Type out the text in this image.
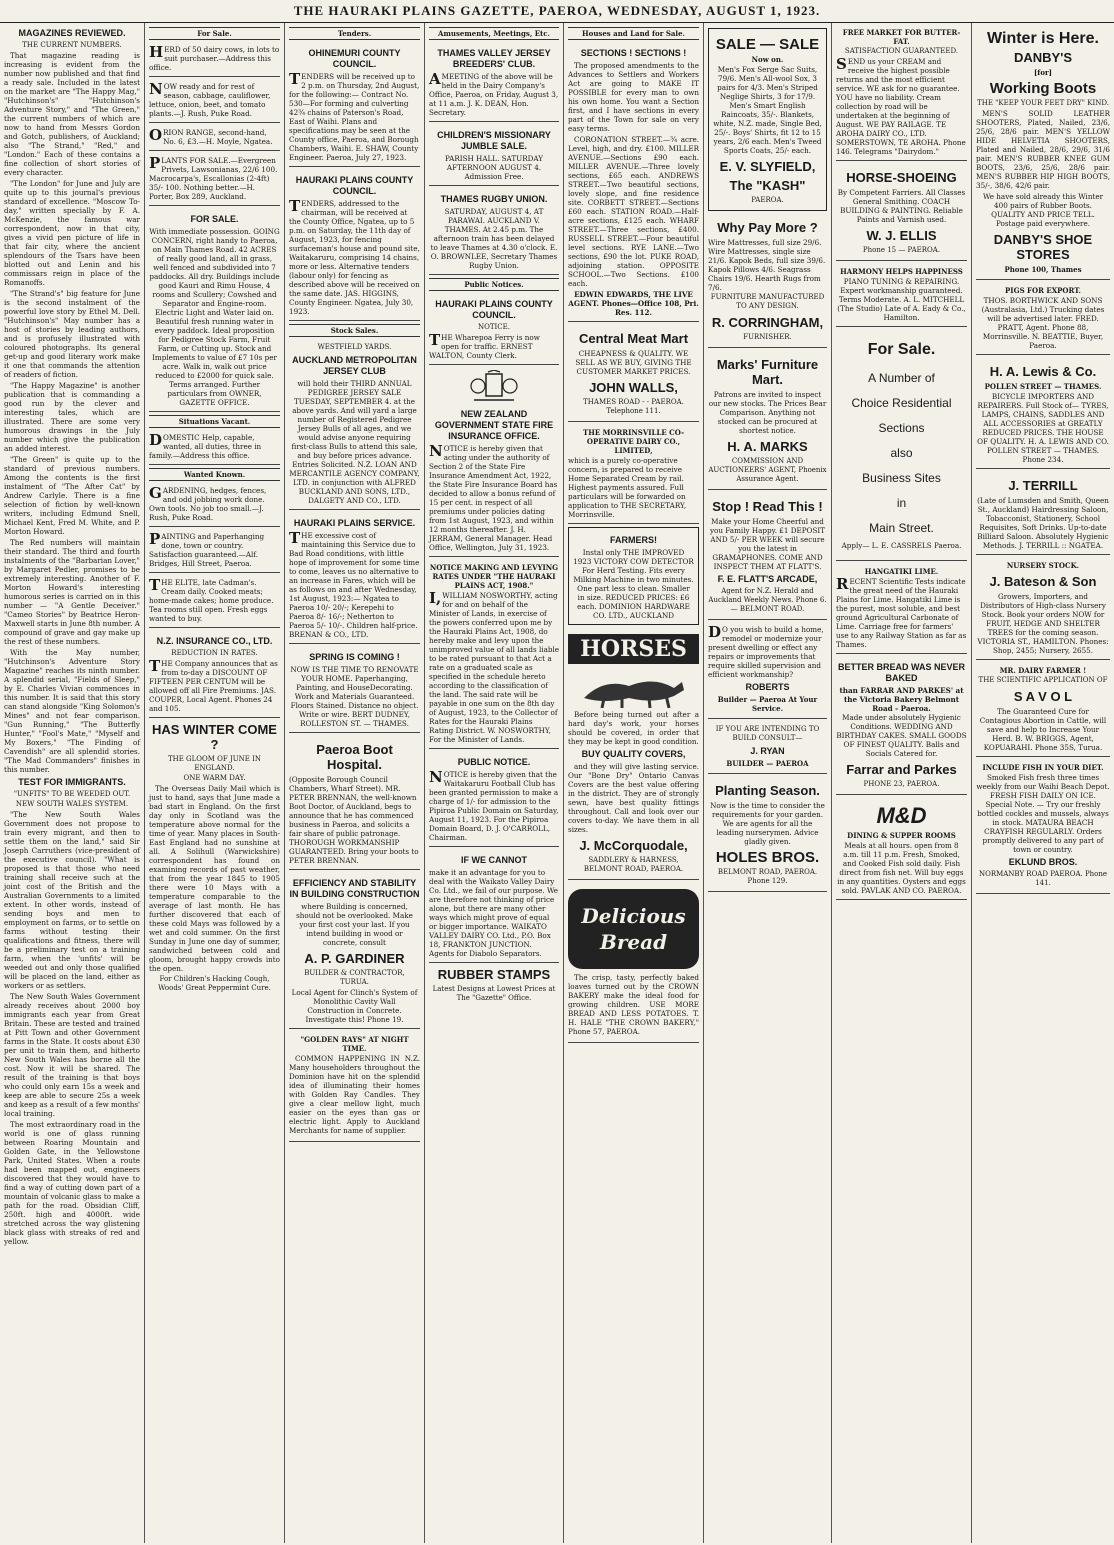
THE HAURAKI PLAINS GAZETTE, PAEROA, WEDNESDAY, AUGUST 1, 1923.
MAGAZINES REVIEWED.
THE CURRENT NUMBERS.

That magazine reading is increasing is evident from the number now published and that find a ready sale. Included in the latest on the market are "The Happy Mag," "Hutchinson's" "Hutchinson's Adventure Story," and "The Green," the current numbers of which are now to hand from Messrs Gordon and Gotch, publishers, of Auckland; also "The Strand," "Red," and "London." Each of these contains a fine collection of short stories of every character.

"The London" for June and July are quite up to this journal's previous standard of excellence. "Moscow To-day," written specially by F. A. McKenzie, the famous war correspondent, now in that city, gives a vivid pen picture of life in that fair city, where the ancient splendours of the Tsars have been blotted out and Lenin and his commissars reign in place of the Romanoffs.

"The Strand's" big feature for June is the second instalment of the powerful love story by Ethel M. Dell. "Hutchinson's" May number has a host of stories by leading authors, and is profusely illustrated with coloured photographs. Its general get-up and good literary work make it one that commands the attention of readers of fiction.

"The Happy Magazine" is another publication that is commanding a good run by the clever and interesting tales, which are illustrated. There are some very humorous drawings in the July number which give the publication an added interest.

"The Green" is quite up to the standard of previous numbers. Among the contents is the first instalment of "The After Cat" by Andrew Carlyle. There is a fine selection of fiction by well-known writers, including Edmund Snell, Michael Kent, Fred M. White, and P. Morton Howard.

The Red numbers will maintain their standard. The third and fourth instalments of the "Barbarian Lover," by Margaret Pedler, promises to be extremely interesting. Another of F. Morton Howard's interesting humorous series is carried on in this number — "A Gentle Deceiver." "Cameo Stories" by Beatrice Heron-Maxwell starts in June 8th number. A compound of grave and gay make up the rest of these numbers.

With the May number, "Hutchinson's Adventure Story Magazine" reaches its ninth number. A splendid serial, "Fields of Sleep," by E. Charles Vivian commences in this number. It is said that this story can stand alongside "King Solomon's Mines" and not fear comparison. "Gun Running," "The Butterfly Hunter," "Fool's Mate," "Myself and My Boxers," "The Finding of Cavendish" are all splendid stories. "The Mad Commanders" finishes in this number.

TEST FOR IMMIGRANTS.
"UNFITS" TO BE WEEDED OUT.
NEW SOUTH WALES SYSTEM.

"The New South Wales Government does not propose to train every migrant, and then to settle them on the land," said Sir Joseph Carruthers (vice-president of the executive council). "What is proposed is that those who need training shall receive such at the joint cost of the British and the Australian Governments to a limited extent. In other words, instead of sending boys and men to employment on farms, or to settle on farms without testing their qualifications and fitness, there will be a preliminary test on a training farm, when the 'unfits' will be weeded out and only those qualified will be placed on the land, either as workers or as settlers.

The New South Wales Government already receives about 2000 boy immigrants each year from Great Britain. These are tested and trained at Pitt Town and other Government farms in the State. It costs about £30 per unit to train them, and hitherto New South Wales has borne all the cost. Now it will be shared. The result of the training is that boys who could only earn 15s a week and keep are able to secure 25s a week and keep as a result of a few months' local training.

The most extraordinary road in the world is one of glass running between Roaring Mountain and Golden Gate, in the Yellowstone Park, United States. When a route had been mapped out, engineers discovered that they would have to find a way of cutting down part of a mountain of volcanic glass to make a path for the road. Obsidian Cliff, 250ft. high and 4000ft. wide stretched across the way glistening black glass with streaks of red and yellow.

For Sale.
HERD of 50 dairy cows, in lots to suit purchaser.—Address this office.
NOW ready and for rest of season, cabbage, cauliflower, lettuce, onion, beet, and tomato plants.—J. Rush, Puke Road.
ORION RANGE, second-hand, No. 6, £3.—H. Moyle, Ngatea.
PLANTS FOR SALE.—Evergreen Privets, Lawsonianas, 22/6 100. Macrocarpa's, Escallonias (2-4ft) 35/- 100. Nothing better.—H. Porter, Box 289, Auckland.
FOR SALE.
With immediate possession. GOING CONCERN, right handy to Paeroa, on Main Thames Road. 42 ACRES of really good land, all in grass, well fenced and subdivided into 7 paddocks. All dry. Buildings include good Kauri and Rimu House, 4 rooms and Scullery; Cowshed and Separator and Engine-room. Electric Light and Water laid on. Beautiful fresh running water in every paddock. Ideal proposition for Pedigree Stock Farm, Fruit Farm, or Cutting up. Stock and Implements to value of £7 10s per acre. Walk in, walk out price reduced to £2000 for quick sale. Terms arranged. Further particulars from OWNER, GAZETTE OFFICE.
Situations Vacant.
DOMESTIC Help, capable, wanted, all duties, three in family.—Address this office.
Wanted Known.
GARDENING, hedges, fences, and odd jobbing work done. Own tools. No job too small.—J. Rush, Puke Road.
PAINTING and Paperhanging done, town or country. Satisfaction guaranteed.—Alf. Bridges, Hill Street, Paeroa.
THE ELITE, late Cadman's. Cream daily. Cooked meats; home-made cakes; home produce. Tea rooms still open. Fresh eggs wanted to buy.
N.Z. INSURANCE CO., LTD.
REDUCTION IN RATES.
THE Company announces that as from to-day a DISCOUNT OF FIFTEEN PER CENTUM will be allowed off all Fire Premiums. JAS. COUPER, Local Agent. Phones 24 and 105.
HAS WINTER COME ?
THE GLOOM OF JUNE IN ENGLAND.
ONE WARM DAY.

The Overseas Daily Mail which is just to hand, says that June made a bad start in England. On the first day only in Scotland was the temperature above normal for the time of year. Many places in South-East England had no sunshine at all. A Solihull (Warwickshire) correspondent has found on examining records of past weather, that from the year 1845 to 1905 there were 10 Mays with a temperature comparable to the average of last month. He has further discovered that each of these cold Mays was followed by a wet and cold summer. On the first Sunday in June one day of summer, sandwiched between cold and gloom, brought happy crowds into the open.

For Children's Hacking Cough, Woods' Great Peppermint Cure.
Tenders.
OHINEMURI COUNTY COUNCIL.
TENDERS will be received up to 2 p.m. on Thursday, 2nd August, for the following:— Contract No. 530—For forming and culverting 42¾ chains of Paterson's Road, East of Waihi. Plans and specifications may be seen at the County office, Paeroa, and Borough Chambers, Waihi. E. SHAW, County Engineer. Paeroa, July 27, 1923.
HAURAKI PLAINS COUNTY COUNCIL.
TENDERS, addressed to the chairman, will be received at the County Office, Ngatea, up to 5 p.m. on Saturday, the 11th day of August, 1923, for fencing surfaceman's house and pound site, Waitakaruru, comprising 14 chains, more or less. Alternative tenders (labour only) for fencing as described above will be received on the same date. JAS. HIGGINS, County Engineer. Ngatea, July 30, 1923.
Stock Sales.
WESTFIELD YARDS.
AUCKLAND METROPOLITAN JERSEY CLUB
will hold their THIRD ANNUAL PEDIGREE JERSEY SALE TUESDAY, SEPTEMBER 4. at the above yards. And will yard a large number of Registered Pedigree Jersey Bulls of all ages, and we would advise anyone requiring first-class Bulls to attend this sale, and buy before prices advance. Entries Solicited. N.Z. LOAN AND MERCANTILE AGENCY COMPANY, LTD. in conjunction with ALFRED BUCKLAND AND SONS, LTD., DALGETY AND CO., LTD.
HAURAKI PLAINS SERVICE.
THE excessive cost of maintaining this Service due to Bad Road conditions, with little hope of improvement for some time to come, leaves us no alternative to an increase in Fares, which will be as follows on and after Wednesday, 1st August, 1923:— Ngatea to Paeroa 10/- 20/-; Kerepehi to Paeroa 8/- 16/-; Netherton to Paeroa 5/- 10/-. Children half-price. BRENAN & CO., LTD.
SPRING IS COMING !
NOW IS THE TIME TO RENOVATE YOUR HOME. Paperhanging, Painting, and HouseDecorating. Work and Materials Guaranteed. Floors Stained. Distance no object. Write or wire. BERT DUDNEY, ROLLESTON ST. — THAMES.
Paeroa Boot Hospital.
(Opposite Borough Council Chambers, Wharf Street). MR. PETER BRENNAN, the well-known Boot Doctor, of Auckland, begs to announce that he has commenced business in Paeroa, and solicits a fair share of public patronage. THOROUGH WORKMANSHIP GUARANTEED. Bring your boots to PETER BRENNAN.
EFFICIENCY AND STABILITY IN BUILDING CONSTRUCTION
where Building is concerned, should not be overlooked. Make your first cost your last. If you intend building in wood or concrete, consult
A. P. GARDINER
BUILDER & CONTRACTOR, TURUA.
Local Agent for Clinch's System of Monolithic Cavity Wall Construction in Concrete. Investigate this! Phone 19.
"GOLDEN RAYS" AT NIGHT TIME.

COMMON HAPPENING IN N.Z. Many householders throughout the Dominion have hit on the splendid idea of illuminating their homes with Golden Ray Candles. They give a clear mellow light, much easier on the eyes than gas or electric light. Apply to Auckland Merchants for name of supplier.

Amusements, Meetings, Etc.
THAMES VALLEY JERSEY BREEDERS' CLUB.
AMEETING of the above will be held in the Dairy Company's Office, Paeroa, on Friday, August 3, at 11 a.m. J. K. DEAN, Hon. Secretary.
CHILDREN'S MISSIONARY JUMBLE SALE.
PARISH HALL. SATURDAY AFTERNOON AUGUST 4. Admission Free.
THAMES RUGBY UNION.
SATURDAY, AUGUST 4, AT PARAWAI. AUCKLAND V. THAMES. At 2.45 p.m. The afternoon train has been delayed to leave Thames at 4.30 o'clock. E. O. BROWNLEE, Secretary Thames Rugby Union.
Public Notices.
HAURAKI PLAINS COUNTY COUNCIL.
NOTICE.
THE Wharepoa Ferry is now open for traffic. ERNEST WALTON, County Clerk.
NEW ZEALAND GOVERNMENT STATE FIRE INSURANCE OFFICE.
NOTICE is hereby given that acting under the authority of Section 2 of the State Fire Insurance Amendment Act, 1922, the State Fire Insurance Board has decided to allow a bonus refund of 15 per cent. in respect of all premiums under policies dating from 1st August, 1923, and within 12 months thereafter. J. H. JERRAM, General Manager. Head Office, Wellington, July 31, 1923.
NOTICE MAKING AND LEVYING RATES UNDER "THE HAURAKI PLAINS ACT, 1908."
I,WILLIAM NOSWORTHY, acting for and on behalf of the Minister of Lands, in exercise of the powers conferred upon me by the Hauraki Plains Act, 1908, do hereby make and levy upon the unimproved value of all lands liable to be rated pursuant to that Act a rate on a graduated scale as specified in the schedule hereto according to the classification of the land. The said rate will be payable in one sum on the 8th day of August, 1923, to the Collector of Rates for the Hauraki Plains Rating District. W. NOSWORTHY, For the Minister of Lands.
PUBLIC NOTICE.
NOTICE is hereby given that the Waitakaruru Football Club has been granted permission to make a charge of 1/- for admission to the Pipiroa Public Domain on Saturday, August 11, 1923. For the Pipiroa Domain Board, D. J. O'CARROLL, Chairman.
IF WE CANNOT
make it an advantage for you to deal with the Waikato Valley Dairy Co. Ltd., we fail of our purpose. We are therefore not thinking of price alone, but there are many other ways which might prove of equal or bigger importance. WAIKATO VALLEY DAIRY CO. Ltd., P.O. Box 18, FRANKTON JUNCTION. Agents for Diabolo Separators.
RUBBER STAMPS
Latest Designs at Lowest Prices at The "Gazette" Office.
Houses and Land for Sale.
SECTIONS ! SECTIONS !

The proposed amendments to the Advances to Settlers and Workers Act are going to MAKE IT POSSIBLE for every man to own his own home. You want a Section first, and I have sections in every part of the Town for sale on very easy terms.

CORONATION STREET.—¾ acre. Level, high, and dry. £100. MILLER AVENUE.—Sections £90 each. MILLER AVENUE.—Three lovely sections, £65 each. ANDREWS STREET.—Two beautiful sections, lovely slope, and fine residence site. CORBETT STREET.—Sections £60 each. STATION ROAD.—Half-acre sections, £125 each. WHARF STREET.—Three sections, £400. RUSSELL STREET.—Four beautiful level sections. RYE LANE.—Two sections, £90 the lot. PUKE ROAD, adjoining station. OPPOSITE SCHOOL.—Two Sections. £100 each.

EDWIN EDWARDS, THE LIVE AGENT. Phones—Office 108, Pri. Res. 112.
Central Meat Mart
CHEAPNESS & QUALITY. WE SELL AS WE BUY, GIVING THE CUSTOMER MARKET PRICES.
JOHN WALLS,
THAMES ROAD - - PAEROA. Telephone 111.
THE MORRINSVILLE CO-OPERATIVE DAIRY CO., LIMITED,
which is a purely co-operative concern, is prepared to receive Home Separated Cream by rail. Highest payments assured. Full particulars will be forwarded on application to THE SECRETARY, Morrinsville.
FARMERS!
Instal only THE IMPROVED 1923 VICTORY COW DETECTOR For Herd Testing. Fits every Milking Machine in two minutes. One part less to clean. Smaller in size. REDUCED PRICES: £6 each. DOMINION HARDWARE CO. LTD., AUCKLAND
HORSES

Before being turned out after a hard day's work, your horses should be covered, in order that they may be kept in good condition.

BUY QUALITY COVERS,

and they will give lasting service. Our "Bone Dry" Ontario Canvas Covers are the best value offering in the district. They are of strongly sewn, have best quality fittings throughout. Call and look over our covers to-day. We have them in all sizes.

J. McCorquodale,
SADDLERY & HARNESS, BELMONT ROAD, PAEROA.
Delicious Bread

The crisp, tasty, perfectly baked loaves turned out by the CROWN BAKERY make the ideal food for growing children. USE MORE BREAD AND LESS POTATOES. T. H. HALE "THE CROWN BAKERY," Phone 57, PAEROA.

SALE — SALE
Now on.
Men's Fox Serge Sac Suits, 79/6. Men's All-wool Sox, 3 pairs for 4/3. Men's Striped Neglige Shirts, 3 for 17/9. Men's Smart English Raincoats, 35/-. Blankets, white, N.Z. made, Single Bed, 25/-. Boys' Shirts, fit 12 to 15 years, 2/6 each. Men's Tweed Sports Coats, 25/- each.
E. V. SLYFIELD,
The "KASH"
PAEROA.
Why Pay More ?
Wire Mattresses, full size 29/6. Wire Mattresses, single size 21/6. Kapok Beds, full size 39/6. Kapok Pillows 4/6. Seagrass Chairs 19/6. Hearth Rugs from 7/6.
FURNITURE MANUFACTURED TO ANY DESIGN.
R. CORRINGHAM,
FURNISHER.
Marks' Furniture Mart.
Patrons are invited to inspect our new stocks. The Prices Bear Comparison. Anything not stocked can be procured at shortest notice.
H. A. MARKS
COMMISSION AND AUCTIONEERS' AGENT, Phoenix Assurance Agent.
Stop ! Read This !
Make your Home Cheerful and you Family Happy. £1 DEPOSIT AND 5/- PER WEEK will secure you the latest in GRAMAPHONES. COME AND INSPECT THEM AT FLATT'S.
F. E. FLATT'S ARCADE,
Agent for N.Z. Herald and Auckland Weekly News. Phone 6. — BELMONT ROAD.
DO you wish to build a home, remodel or modernize your present dwelling or effect any repairs or improvements that require skilled supervision and efficient workmanship?
ROBERTS
Builder — Paeroa At Your Service.
IF YOU ARE INTENDING TO BUILD CONSULT—
J. RYAN
BUILDER — PAEROA
Planting Season.
Now is the time to consider the requirements for your garden. We are agents for all the leading nurserymen. Advice gladly given.
HOLES BROS.
BELMONT ROAD, PAEROA. Phone 129.
FREE MARKET FOR BUTTER-FAT.
SATISFACTION GUARANTEED.
SEND us your CREAM and receive the highest possible returns and the most efficient service. WE ask for no guarantee. YOU have no liability. Cream collection by road will be undertaken at the beginning of August. WE PAY RAILAGE. TE AROHA DAIRY CO., LTD. SOMERSTOWN, TE AROHA. Phone 146. Telegrams "Dairydom."
HORSE-SHOEING
By Competent Farriers. All Classes General Smithing. COACH BUILDING & PAINTING. Reliable Paints and Varnish used.
W. J. ELLIS
Phone 15 — PAEROA.
HARMONY HELPS HAPPINESS
PIANO TUNING & REPAIRING. Expert workmanship guaranteed. Terms Moderate. A. L. MITCHELL (The Studio) Late of A. Eady & Co., Hamilton.
For Sale.
A Number of
Choice Residential
Sections
also
Business Sites
in
Main Street.
Apply— L. E. CASSRELS Paeroa.
HANGATIKI LIME.
RECENT Scientific Tests indicate the great need of the Hauraki Plains for Lime. Hangatiki Lime is the purest, most soluble, and best ground Agricultural Carbonate of Lime. Carriage free for farmers' use to any Railway Station as far as Thames.
BETTER BREAD WAS NEVER BAKED
than FARRAR AND PARKES' at the Victoria Bakery Belmont Road - Paeroa.
Made under absolutely Hygienic Conditions. WEDDING AND BIRTHDAY CAKES. SMALL GOODS OF FINEST QUALITY. Balls and Socials Catered for.
Farrar and Parkes
PHONE 23, PAEROA.
M&D
DINING & SUPPER ROOMS
Meals at all hours. open from 8 a.m. till 11 p.m. Fresh, Smoked, and Cooked Fish sold daily. Fish direct from fish net. Will buy eggs in any quantities. Oysters and eggs sold. PAVLAK AND CO. PAEROA.
Winter is Here.
DANBY'S
[for]
Working Boots
THE "KEEP YOUR FEET DRY" KIND.

MEN'S SOLID LEATHER SHOOTERS, Plated, Nailed, 23/6, 25/6, 28/6 pair. MEN'S YELLOW HIDE HELVETIA SHOOTERS, Plated and Nailed, 28/6, 29/6, 31/6 pair. MEN'S RUBBER KNEE GUM BOOTS, 23/6, 25/6, 28/6 pair. MEN'S RUBBER HIP HIGH BOOTS, 35/-, 38/6, 42/6 pair.

We have sold already this Winter 400 pairs of Rubber Boots. QUALITY AND PRICE TELL. Postage paid everywhere.
DANBY'S SHOE STORES
Phone 100, Thames
PIGS FOR EXPORT.
THOS. BORTHWICK AND SONS (Australasia, Ltd.) Trucking dates will be advertised later. FRED. PRATT, Agent. Phone 88, Morrinsville. N. BEATTIE, Buyer, Paeroa.
H. A. Lewis & Co.
POLLEN STREET — THAMES.
BICYCLE IMPORTERS AND REPAIRERS. Full Stock of— TYRES, LAMPS, CHAINS, SADDLES AND ALL ACCESSORIES at GREATLY REDUCED PRICES. THE HOUSE OF QUALITY. H. A. LEWIS AND CO. POLLEN STREET — THAMES. Phone 234.
J. TERRILL
(Late of Lumsden and Smith, Queen St., Auckland) Hairdressing Saloon, Tobacconist, Stationery, School Requisites, Soft Drinks. Up-to-date Billiard Saloon. Absolutely Hygienic Methods. J. TERRILL :: NGATEA.
NURSERY STOCK.
J. Bateson & Son
Growers, Importers, and Distributors of High-class Nursery Stock. Book your orders NOW for FRUIT, HEDGE AND SHELTER TREES for the coming season. VICTORIA ST., HAMILTON. Phones: Shop, 2455; Nursery, 2655.
MR. DAIRY FARMER !
THE SCIENTIFIC APPLICATION OF
S A V O L
The Guaranteed Cure for Contagious Abortion in Cattle, will save and help to Increase Your Herd. B. W. BRIGGS, Agent, KOPUARAHI. Phone 35S, Turua.
INCLUDE FISH IN YOUR DIET.
Smoked Fish fresh three times weekly from our Waihi Beach Depot. FRESH FISH DAILY ON ICE. Special Note. — Try our freshly bottled cockles and mussels, always in stock. MATAURA BEACH CRAYFISH REGULARLY. Orders promptly delivered to any part of town or country.
EKLUND BROS.
NORMANBY ROAD PAEROA. Phone 141.
